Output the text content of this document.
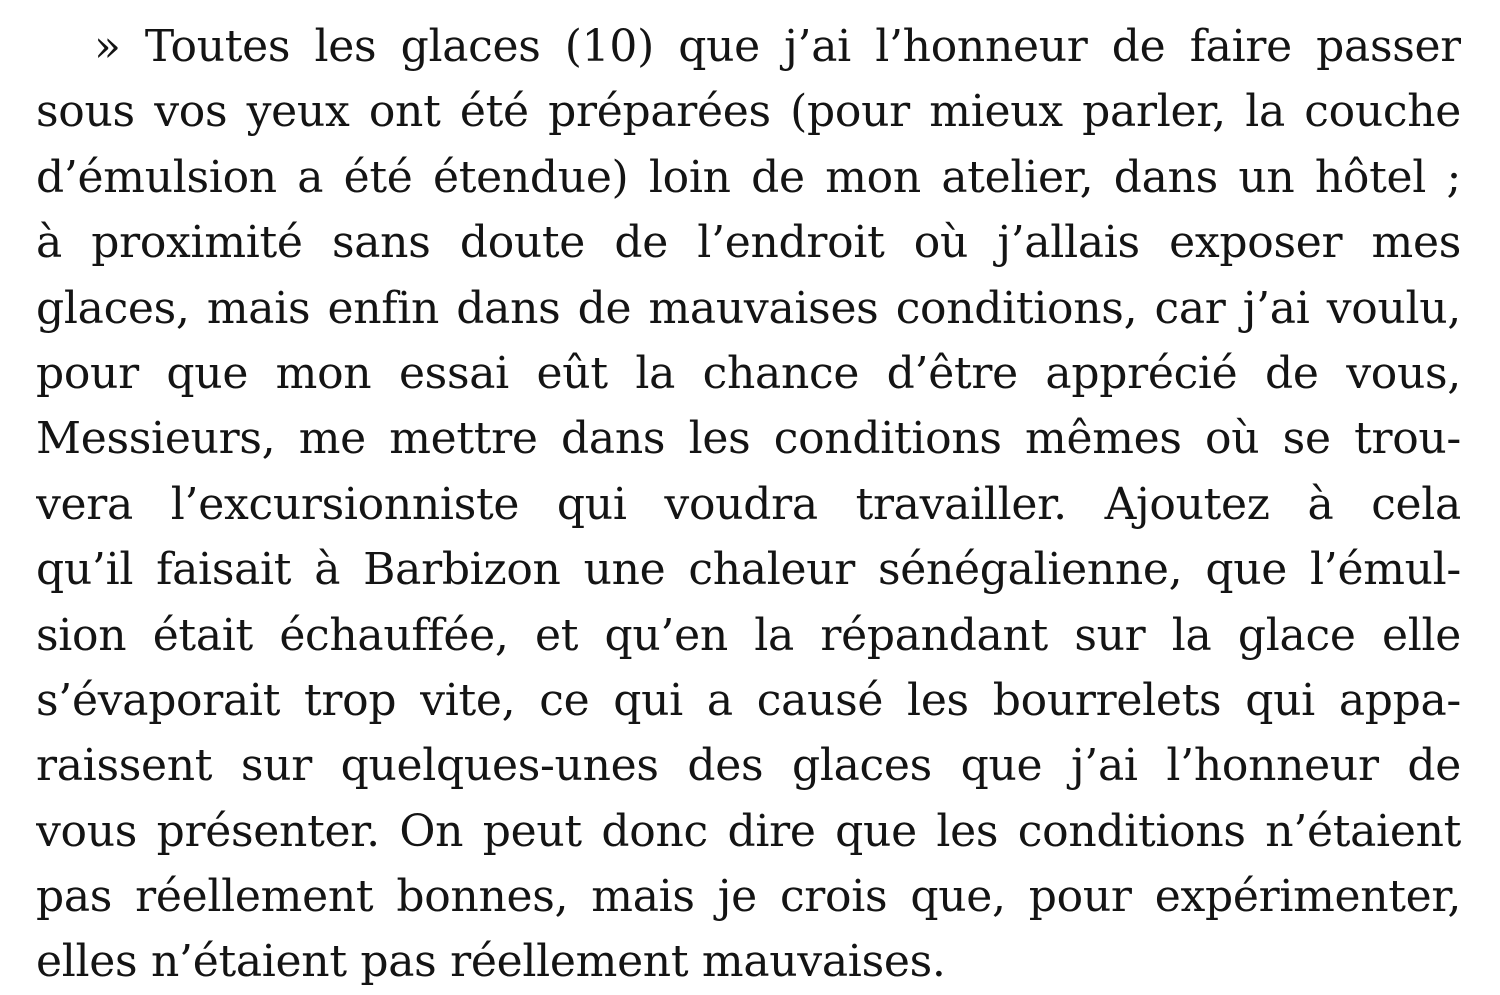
» Toutes les glaces (10) que j’ai l’honneur de faire passer
sous vos yeux ont été préparées (pour mieux parler, la couche
d’émulsion a été étendue) loin de mon atelier, dans un hôtel ;
à proximité sans doute de l’endroit où j’allais exposer mes
glaces, mais enfin dans de mauvaises conditions, car j’ai voulu,
pour que mon essai eût la chance d’être apprécié de vous,
Messieurs, me mettre dans les conditions mêmes où se trou-
vera l’excursionniste qui voudra travailler. Ajoutez à cela
qu’il faisait à Barbizon une chaleur sénégalienne, que l’émul-
sion était échauffée, et qu’en la répandant sur la glace elle
s’évaporait trop vite, ce qui a causé les bourrelets qui appa-
raissent sur quelques-unes des glaces que j’ai l’honneur de
vous présenter. On peut donc dire que les conditions n’étaient
pas réellement bonnes, mais je crois que, pour expérimenter,
elles n’étaient pas réellement mauvaises.
